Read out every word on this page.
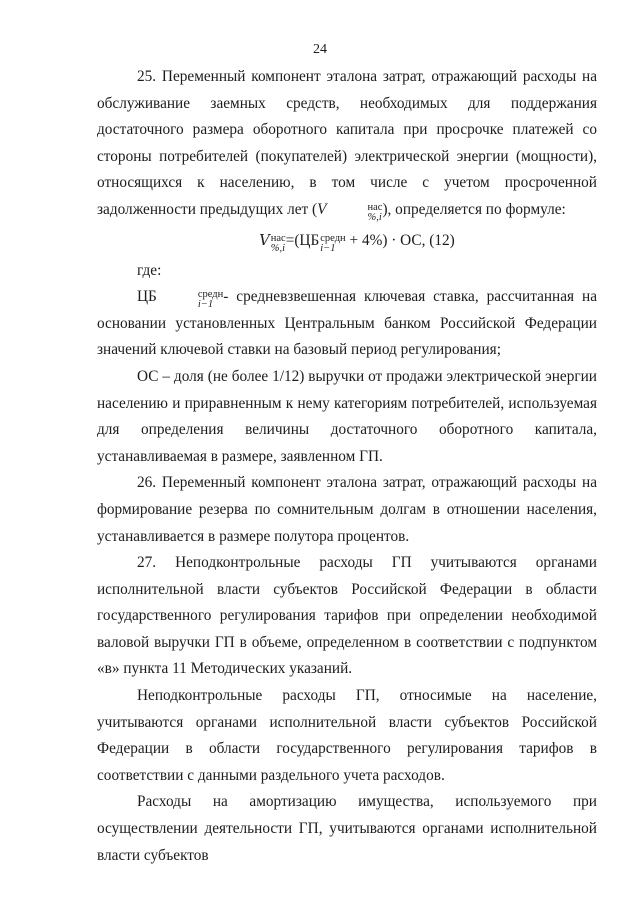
24

25. Переменный компонент эталона затрат, отражающий расходы на обслуживание заемных средств, необходимых для поддержания достаточного размера оборотного капитала при просрочке платежей со стороны потребителей (покупателей) электрической энергии (мощности), относящихся к населению, в том числе с учетом просроченной задолженности предыдущих лет (V	нас
%,i ), определяется по формуле:

V нас
%,i =(ЦБ средн
i−1 + 4%) · ОС, (12)

где:

ЦБ	средн
i−1 - средневзвешенная ключевая ставка, рассчитанная на основании установленных Центральным банком Российской Федерации значений ключевой ставки на базовый период регулирования;

ОС – доля (не более 1/12) выручки от продажи электрической энергии населению и приравненным к нему категориям потребителей, используемая для определения величины достаточного оборотного капитала, устанавливаемая в размере, заявленном ГП.

26. Переменный компонент эталона затрат, отражающий расходы на формирование резерва по сомнительным долгам в отношении населения, устанавливается в размере полутора процентов.

27. Неподконтрольные расходы ГП учитываются органами исполнительной власти субъектов Российской Федерации в области государственного регулирования тарифов при определении необходимой валовой выручки ГП в объеме, определенном в соответствии с подпунктом «в» пункта 11 Методических указаний.

Неподконтрольные расходы ГП, относимые на население, учитываются органами исполнительной власти субъектов Российской Федерации в области государственного регулирования тарифов в соответствии с данными раздельного учета расходов.

Расходы на амортизацию имущества, используемого при осуществлении деятельности ГП, учитываются органами исполнительной власти субъектов
